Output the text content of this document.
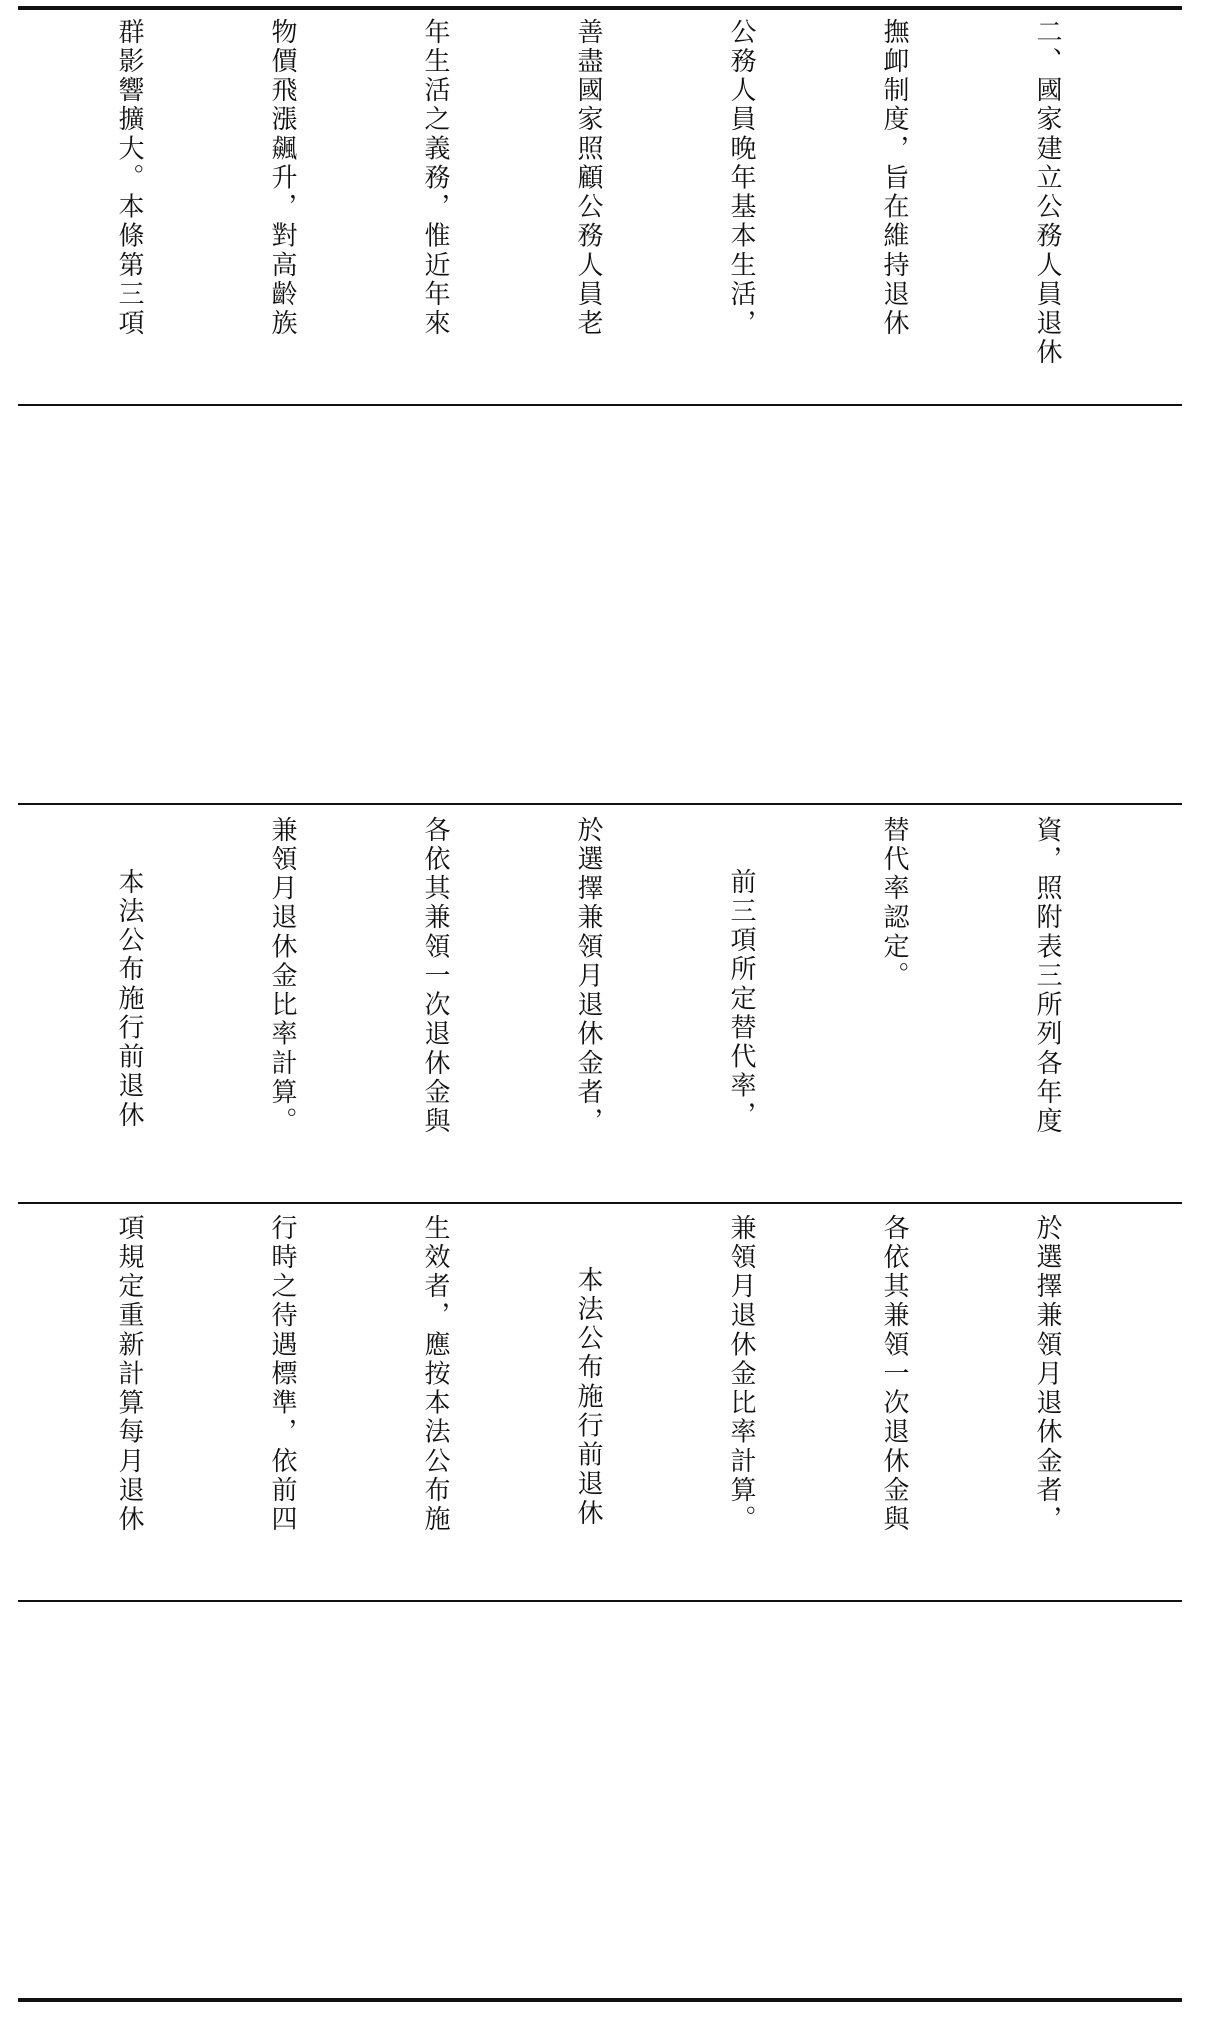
二、國家建立公務人員退休

撫卹制度，旨在維持退休

公務人員晚年基本生活，

善盡國家照顧公務人員老

年生活之義務，惟近年來

物價飛漲飆升，對高齡族

群影響擴大。本條第三項

資，照附表三所列各年度

替代率認定。

前三項所定替代率，

於選擇兼領月退休金者，

各依其兼領一次退休金與

兼領月退休金比率計算。

本法公布施行前退休

於選擇兼領月退休金者，

各依其兼領一次退休金與

兼領月退休金比率計算。

本法公布施行前退休

生效者，應按本法公布施

行時之待遇標準，依前四

項規定重新計算每月退休
